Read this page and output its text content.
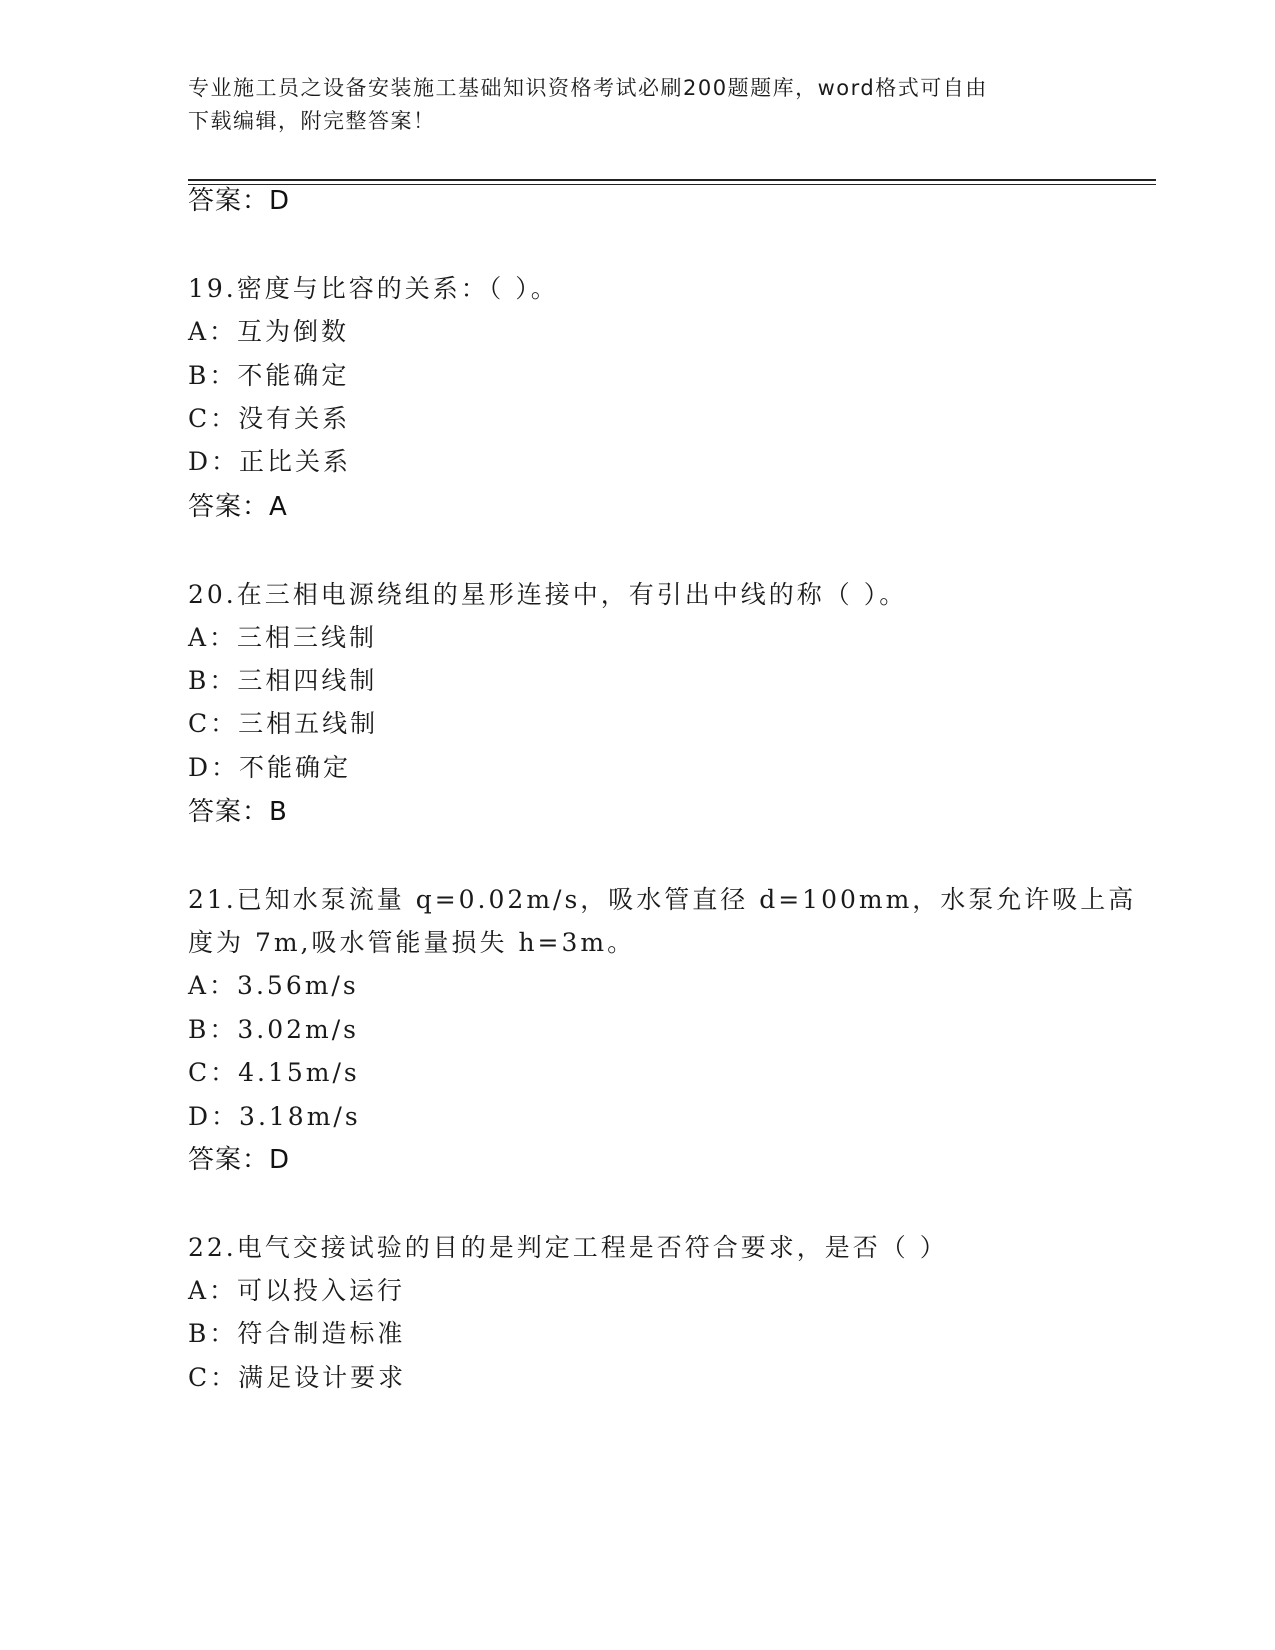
专业施工员之设备安装施工基础知识资格考试必刷200题题库，word格式可自由
下载编辑，附完整答案！
答案：D
19.密度与比容的关系：（ ）。
A：互为倒数
B：不能确定
C：没有关系
D：正比关系
答案：A
20.在三相电源绕组的星形连接中，有引出中线的称（ ）。
A：三相三线制
B：三相四线制
C：三相五线制
D：不能确定
答案：B
21.已知水泵流量 q=0.02m/s，吸水管直径 d=100mm，水泵允许吸上高
度为 7m,吸水管能量损失 h=3m。
A：3.56m/s
B：3.02m/s
C：4.15m/s
D：3.18m/s
答案：D
22.电气交接试验的目的是判定工程是否符合要求，是否（ ）
A：可以投入运行
B：符合制造标准
C：满足设计要求
